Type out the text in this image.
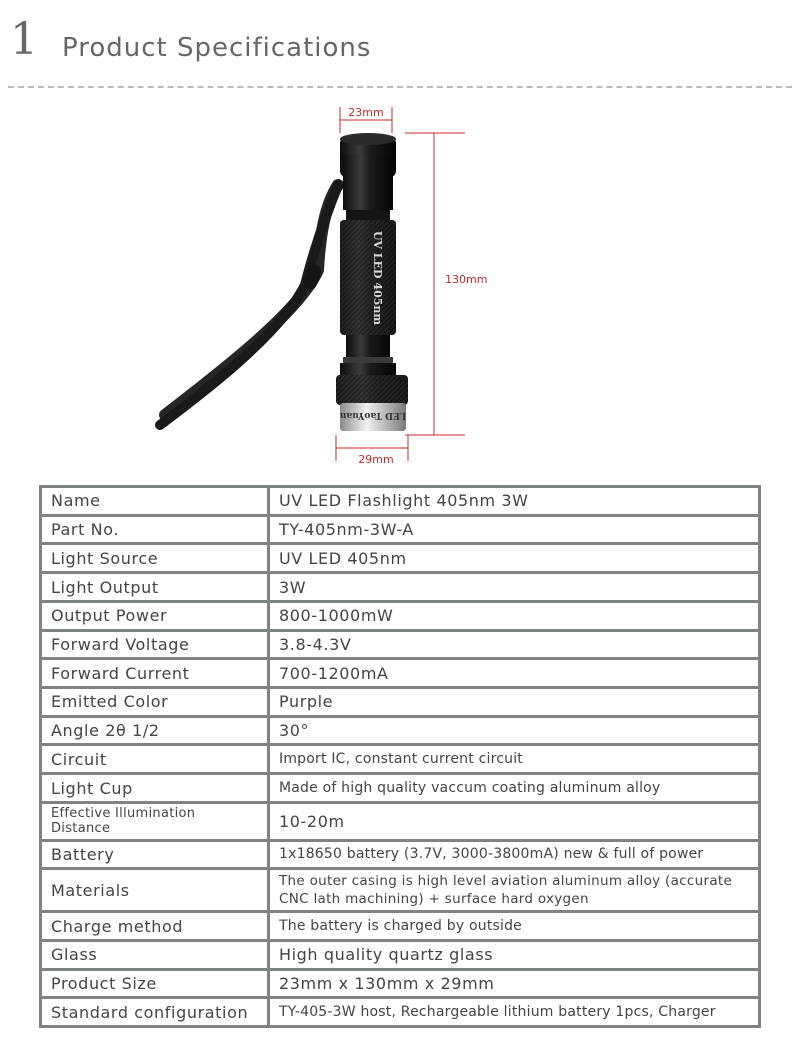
1 Product Specifications
UV LED 405nm
LED TaoYuan
23mm
130mm
29mm
Name	UV LED Flashlight 405nm 3W
Part No.	TY-405nm-3W-A
Light Source	UV LED 405nm
Light Output	3W
Output Power	800-1000mW
Forward Voltage	3.8-4.3V
Forward Current	700-1200mA
Emitted Color	Purple
Angle 2θ 1/2	30°
Circuit	Import IC, constant current circuit
Light Cup	Made of high quality vaccum coating aluminum alloy
Effective Illumination Distance	10-20m
Battery	1x18650 battery (3.7V, 3000-3800mA) new & full of power
Materials	The outer casing is high level aviation aluminum alloy (accurate CNC lath machining) + surface hard oxygen
Charge method	The battery is charged by outside
Glass	High quality quartz glass
Product Size	23mm x 130mm x 29mm
Standard configuration	TY-405-3W host, Rechargeable lithium battery 1pcs, Charger
